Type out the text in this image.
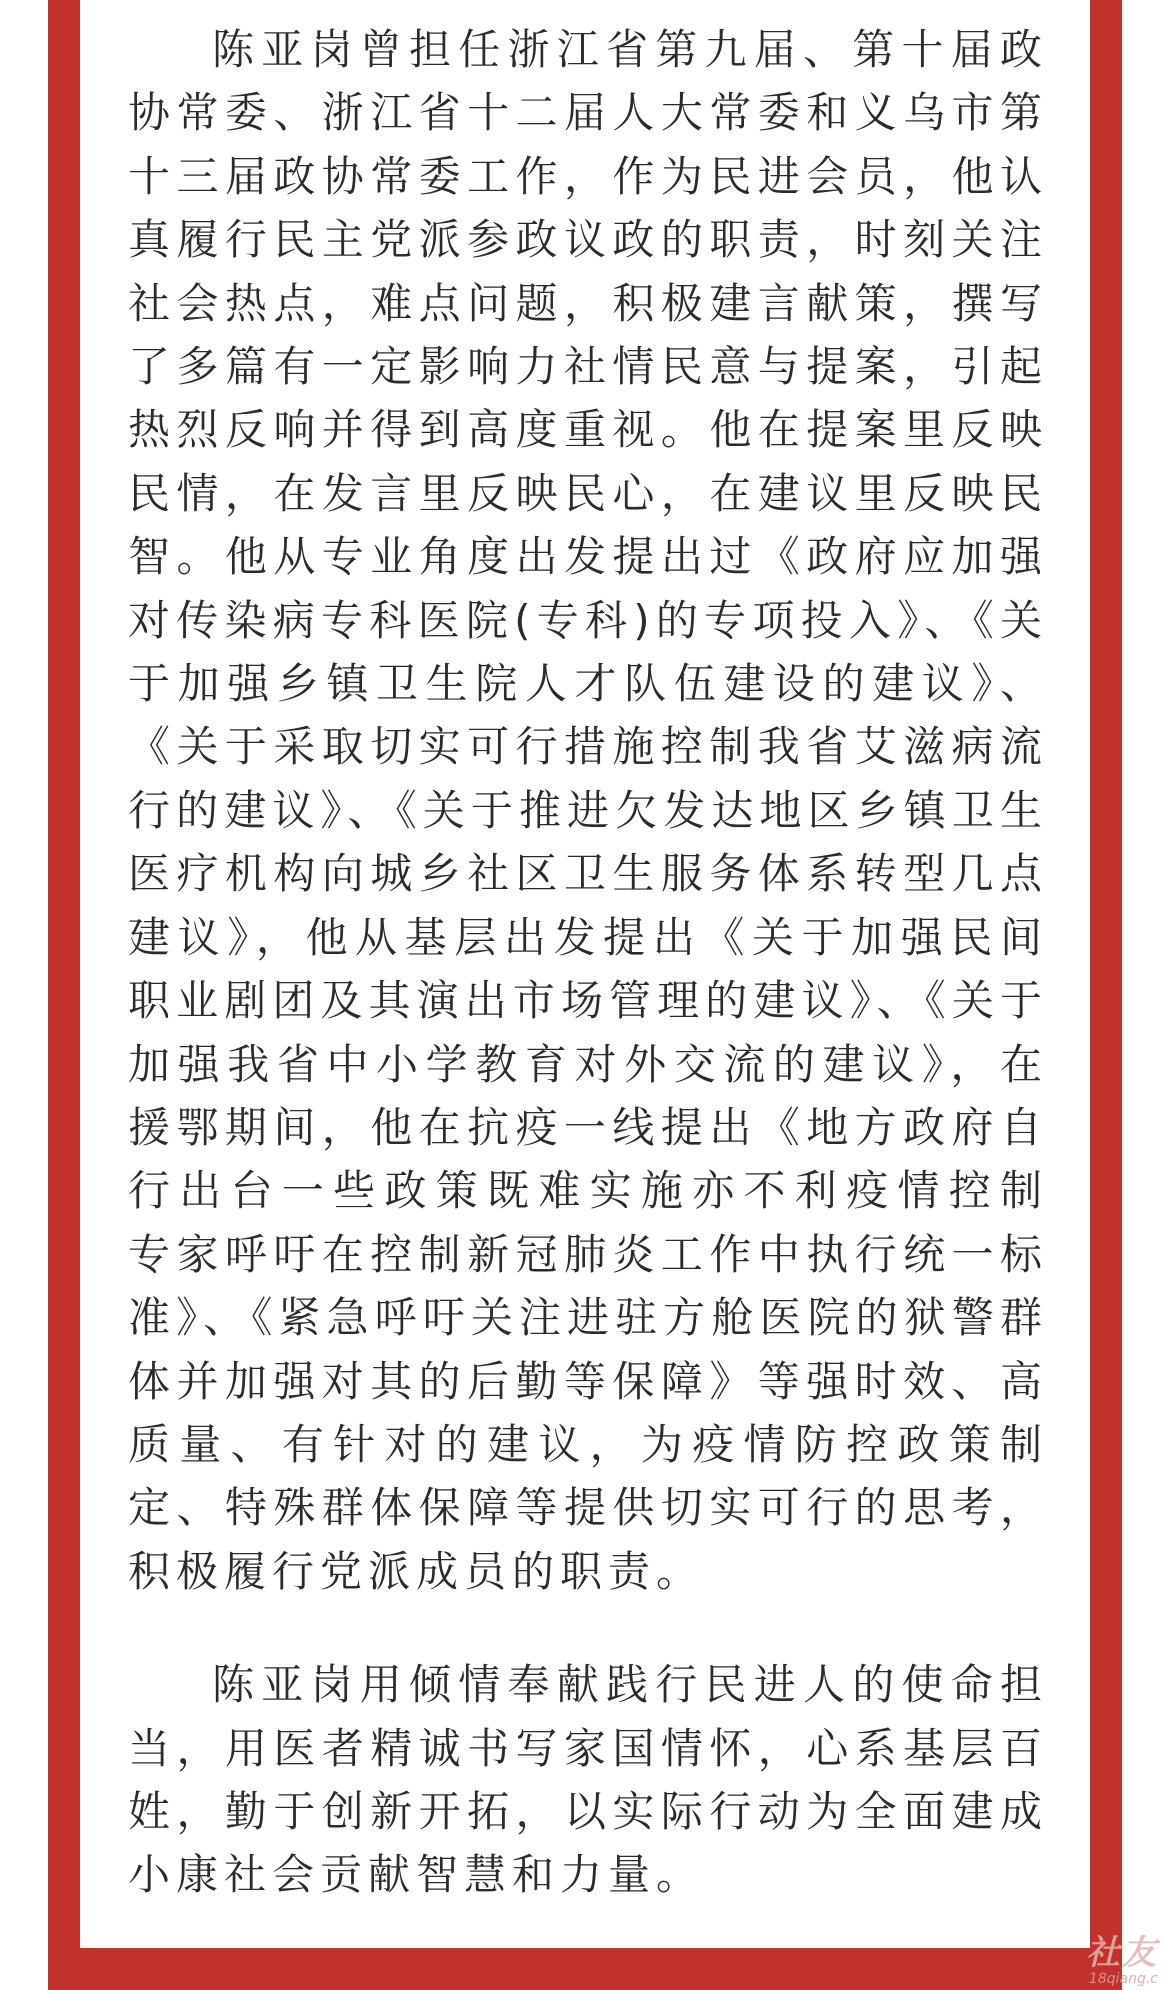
陈亚岗曾担任浙江省第九届、第十届政协常委、浙江省十二届人大常委和义乌市第十三届政协常委工作，作为民进会员，他认真履行民主党派参政议政的职责，时刻关注社会热点，难点问题，积极建言献策，撰写了多篇有一定影响力社情民意与提案，引起热烈反响并得到高度重视。他在提案里反映民情，在发言里反映民心，在建议里反映民智。他从专业角度出发提出过《政府应加强对传染病专科医院(专科)的专项投入》、《关于加强乡镇卫生院人才队伍建设的建议》、《关于采取切实可行措施控制我省艾滋病流行的建议》、《关于推进欠发达地区乡镇卫生医疗机构向城乡社区卫生服务体系转型几点建议》，他从基层出发提出《关于加强民间职业剧团及其演出市场管理的建议》、《关于加强我省中小学教育对外交流的建议》，在援鄂期间，他在抗疫一线提出《地方政府自行出台一些政策既难实施亦不利疫情控制 专家呼吁在控制新冠肺炎工作中执行统一标准》、《紧急呼吁关注进驻方舱医院的狱警群体并加强对其的后勤等保障》等强时效、高质量、有针对的建议，为疫情防控政策制定、特殊群体保障等提供切实可行的思考，积极履行党派成员的职责。

陈亚岗用倾情奉献践行民进人的使命担当，用医者精诚书写家国情怀，心系基层百姓，勤于创新开拓，以实际行动为全面建成小康社会贡献智慧和力量。

社友
18qiang.c
